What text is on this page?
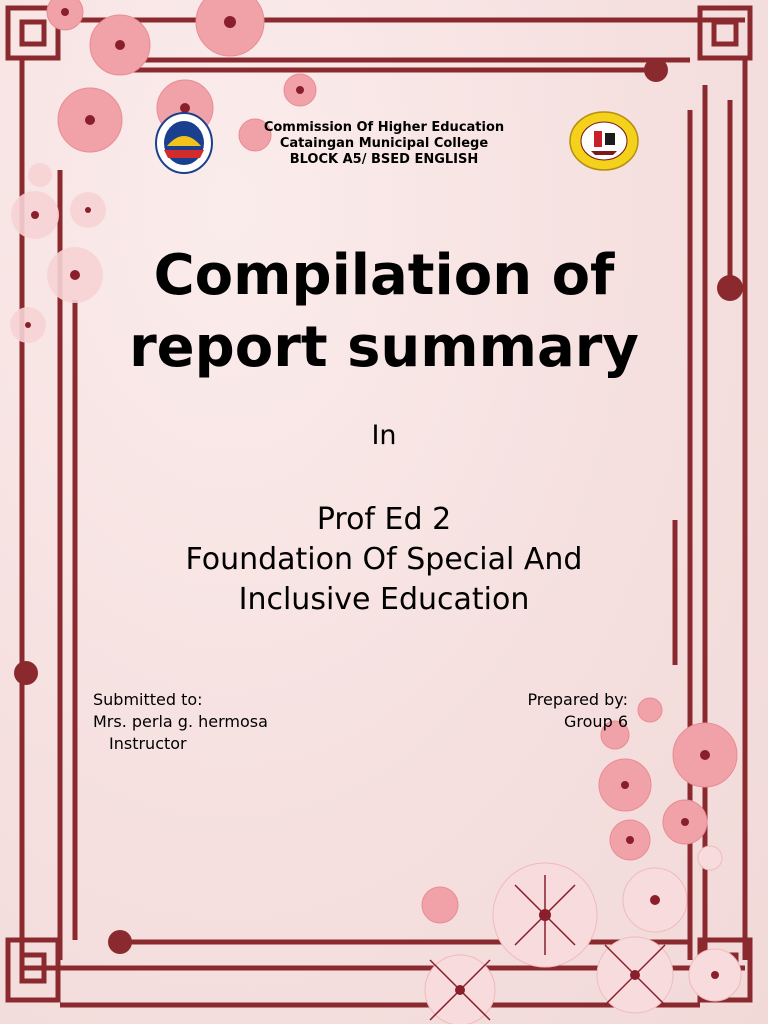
Commission Of Higher Education
Cataingan Municipal College
BLOCK A5/ BSED ENGLISH
Compilation of
report summary
In
Prof Ed 2
Foundation Of Special And
Inclusive Education
Submitted to:
Mrs. perla g. hermosa
Instructor
Prepared by:
Group 6
